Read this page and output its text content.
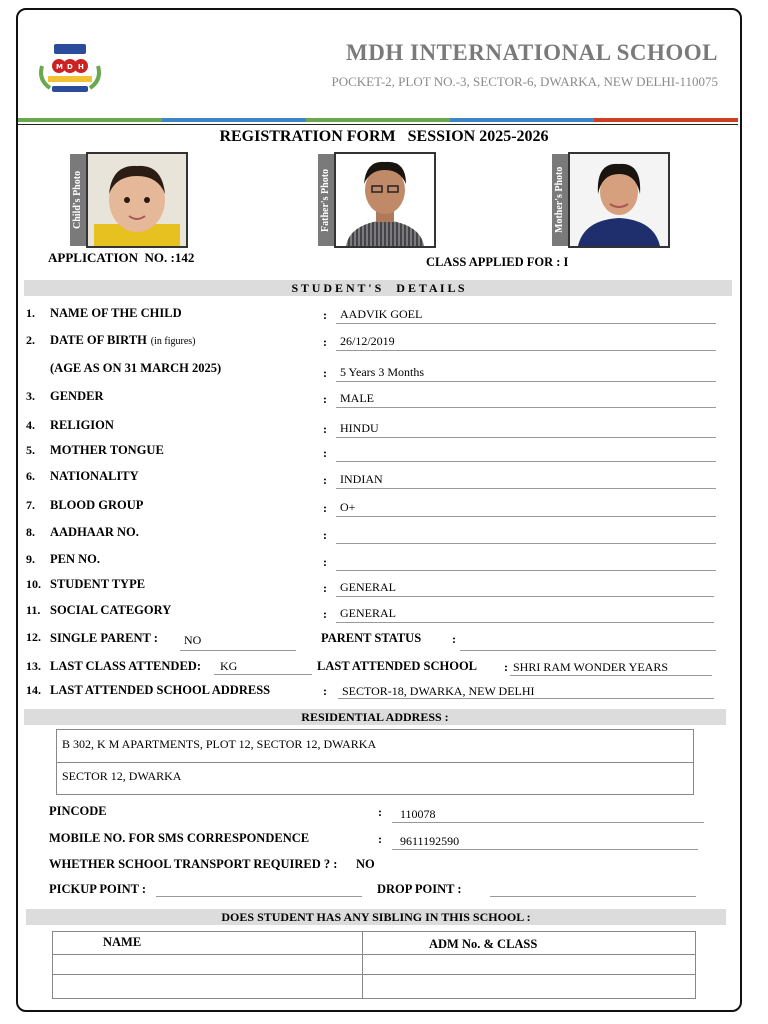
M D H
MDH INTERNATIONAL SCHOOL
POCKET-2, PLOT NO.-3, SECTOR-6, DWARKA, NEW DELHI-110075
REGISTRATION FORM   SESSION 2025-2026
Child's Photo	Father's Photo	Mother's Photo
APPLICATION  NO. :142	CLASS APPLIED FOR : I
S T U D E N T ' S     D E T A I L S
1. NAME OF THE CHILD	: AADVIK GOEL
2. DATE OF BIRTH (in figures)	: 26/12/2019
(AGE AS ON 31 MARCH 2025)	: 5 Years 3 Months
3. GENDER	: MALE
4. RELIGION	: HINDU
5. MOTHER TONGUE	:
6. NATIONALITY	: INDIAN
7. BLOOD GROUP	: O+
8. AADHAAR NO.	:
9. PEN NO.	:
10. STUDENT TYPE	: GENERAL
11. SOCIAL CATEGORY	: GENERAL
12. SINGLE PARENT : NO	PARENT STATUS	:
13. LAST CLASS ATTENDED: KG	LAST ATTENDED SCHOOL : SHRI RAM WONDER YEARS
14. LAST ATTENDED SCHOOL ADDRESS	: SECTOR-18, DWARKA, NEW DELHI
RESIDENTIAL ADDRESS :
B 302, K M APARTMENTS, PLOT 12, SECTOR 12, DWARKA
SECTOR 12, DWARKA
PINCODE	: 110078
MOBILE NO. FOR SMS CORRESPONDENCE	: 9611192590
WHETHER SCHOOL TRANSPORT REQUIRED ? : NO
PICKUP POINT :	DROP POINT :
DOES STUDENT HAS ANY SIBLING IN THIS SCHOOL :
NAME	ADM No. & CLASS
